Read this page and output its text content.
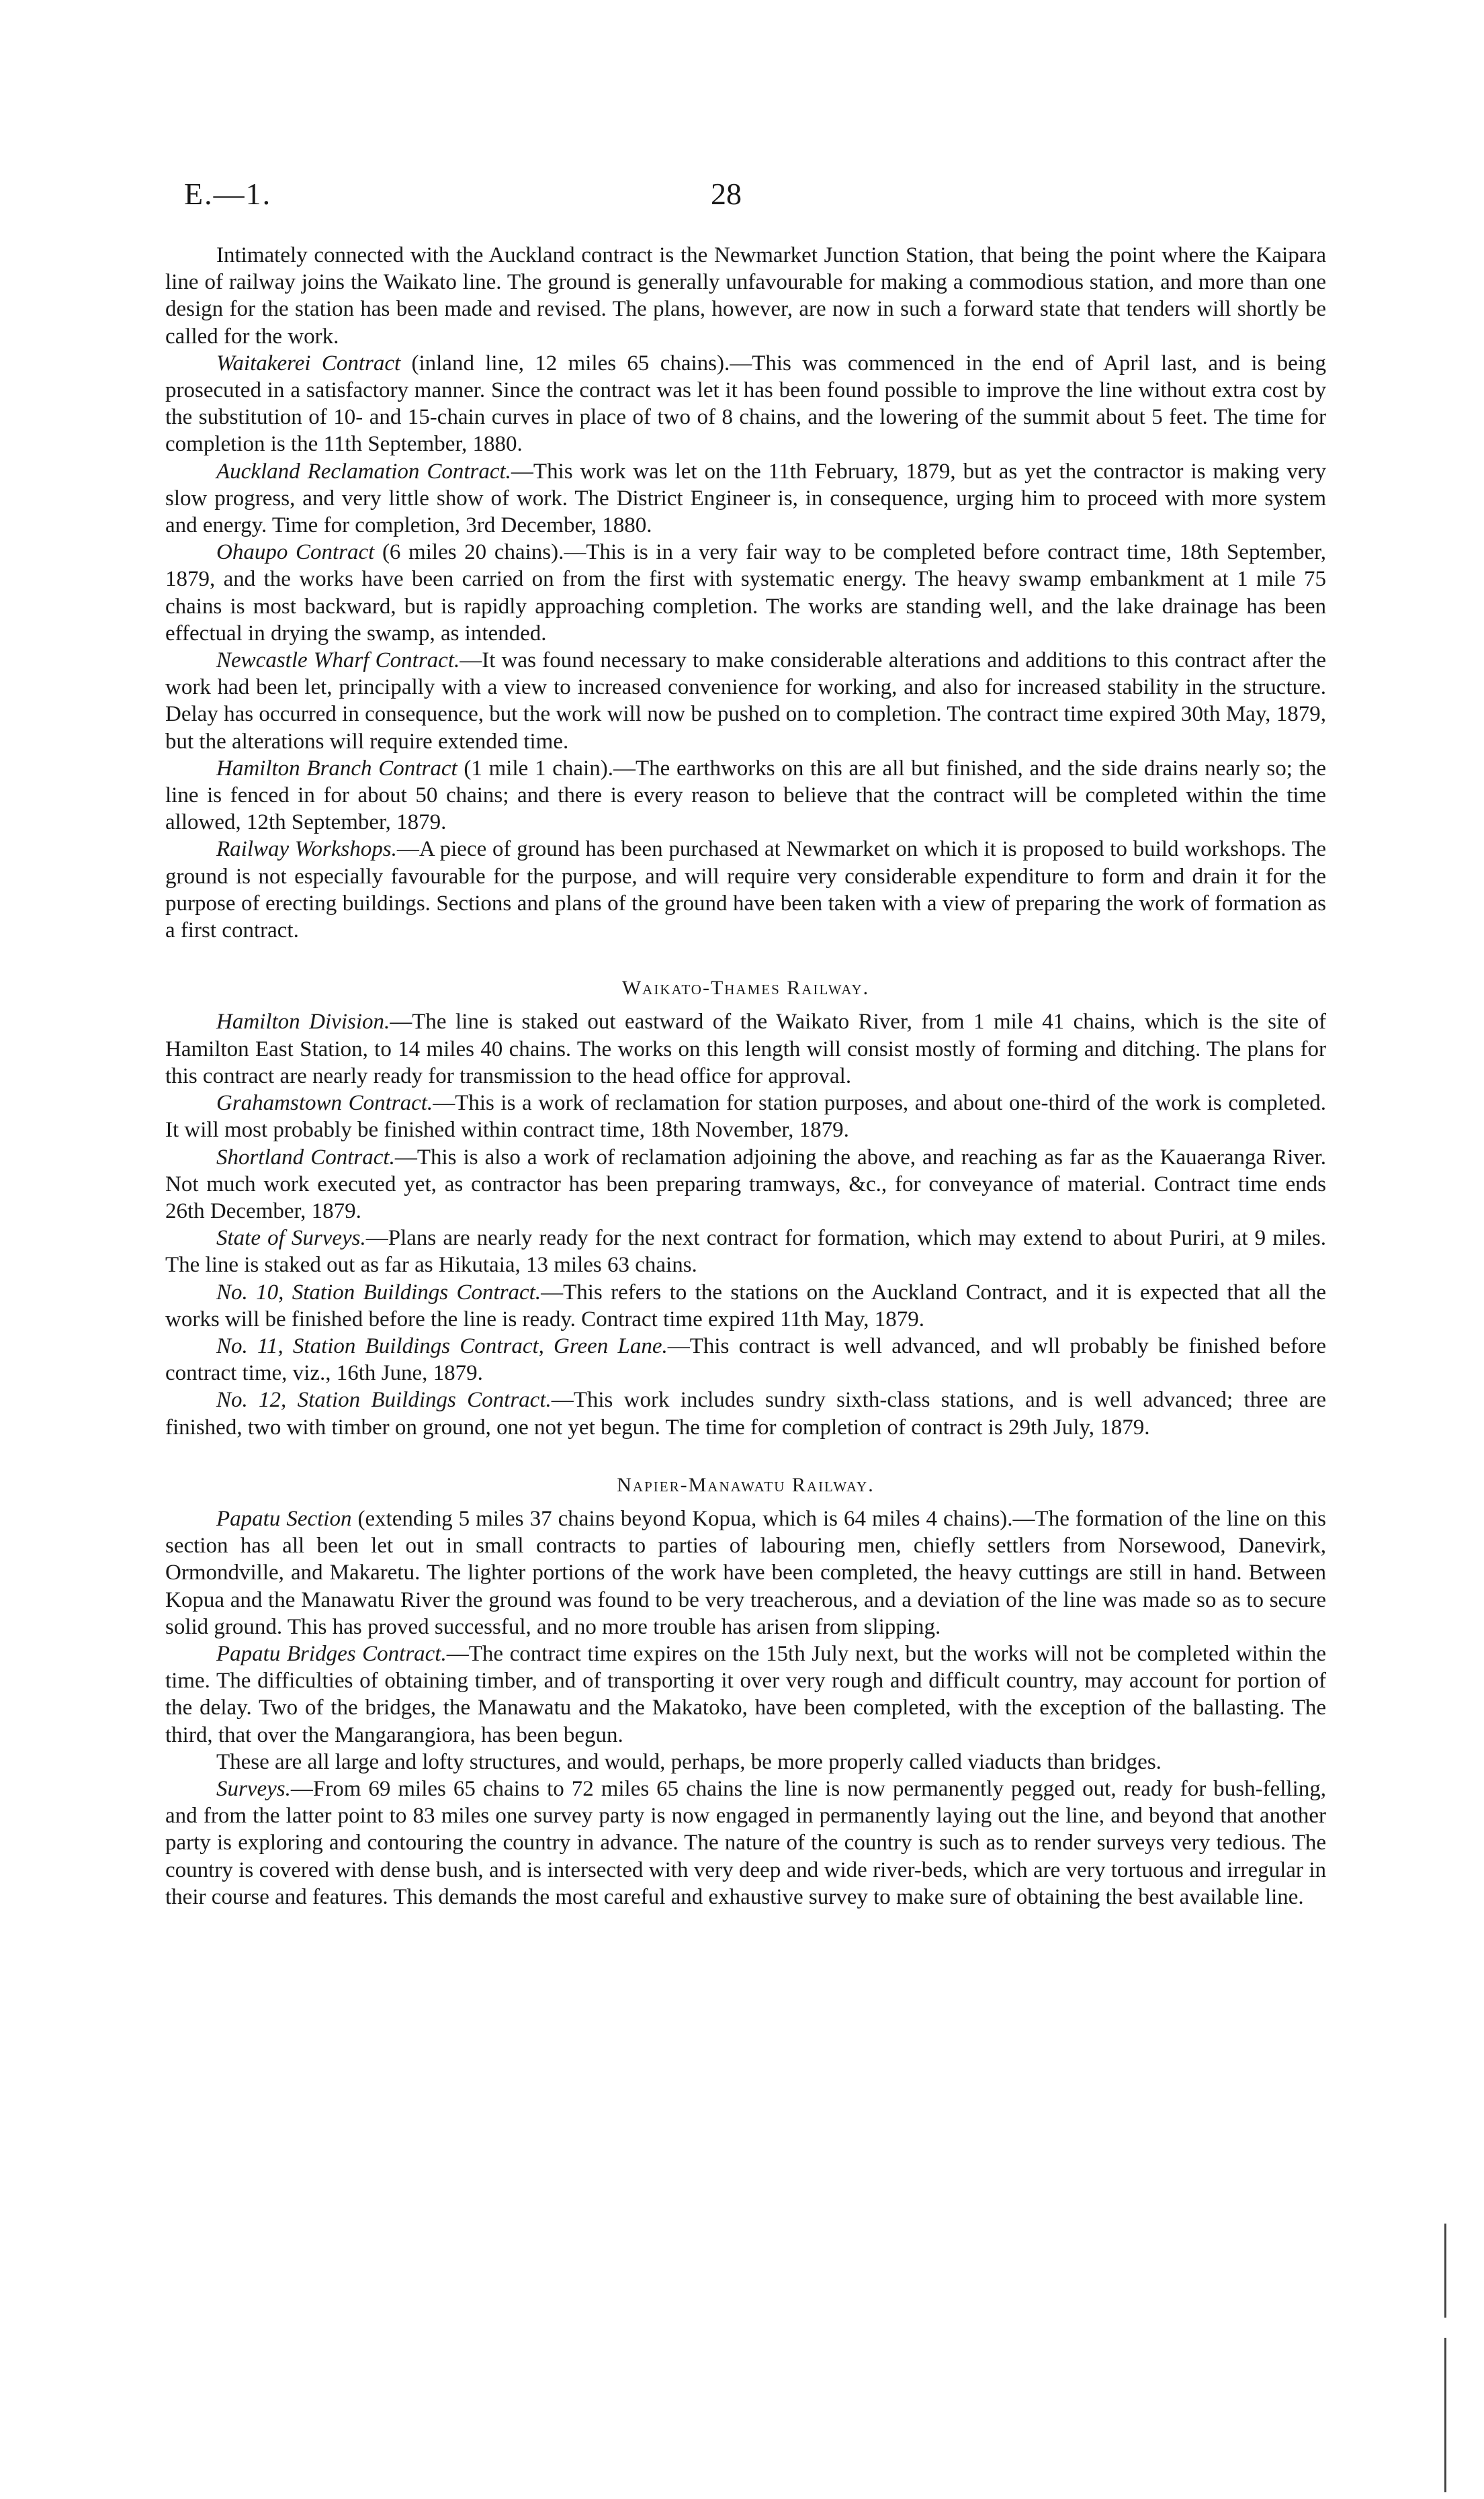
E.—1.	28

Intimately connected with the Auckland contract is the Newmarket Junction Station, that being the point where the Kaipara line of railway joins the Waikato line. The ground is generally unfavourable for making a commodious station, and more than one design for the station has been made and revised. The plans, however, are now in such a forward state that tenders will shortly be called for the work.

Waitakerei Contract (inland line, 12 miles 65 chains).—This was commenced in the end of April last, and is being prosecuted in a satisfactory manner. Since the contract was let it has been found possible to improve the line without extra cost by the substitution of 10- and 15-chain curves in place of two of 8 chains, and the lowering of the summit about 5 feet. The time for completion is the 11th September, 1880.

Auckland Reclamation Contract.—This work was let on the 11th February, 1879, but as yet the contractor is making very slow progress, and very little show of work. The District Engineer is, in consequence, urging him to proceed with more system and energy. Time for completion, 3rd December, 1880.

Ohaupo Contract (6 miles 20 chains).—This is in a very fair way to be completed before contract time, 18th September, 1879, and the works have been carried on from the first with systematic energy. The heavy swamp embankment at 1 mile 75 chains is most backward, but is rapidly approaching completion. The works are standing well, and the lake drainage has been effectual in drying the swamp, as intended.

Newcastle Wharf Contract.—It was found necessary to make considerable alterations and additions to this contract after the work had been let, principally with a view to increased convenience for working, and also for increased stability in the structure. Delay has occurred in consequence, but the work will now be pushed on to completion. The contract time expired 30th May, 1879, but the alterations will require extended time.

Hamilton Branch Contract (1 mile 1 chain).—The earthworks on this are all but finished, and the side drains nearly so; the line is fenced in for about 50 chains; and there is every reason to believe that the contract will be completed within the time allowed, 12th September, 1879.

Railway Workshops.—A piece of ground has been purchased at Newmarket on which it is proposed to build workshops. The ground is not especially favourable for the purpose, and will require very considerable expenditure to form and drain it for the purpose of erecting buildings. Sections and plans of the ground have been taken with a view of preparing the work of formation as a first contract.

Waikato-Thames Railway.

Hamilton Division.—The line is staked out eastward of the Waikato River, from 1 mile 41 chains, which is the site of Hamilton East Station, to 14 miles 40 chains. The works on this length will consist mostly of forming and ditching. The plans for this contract are nearly ready for transmission to the head office for approval.

Grahamstown Contract.—This is a work of reclamation for station purposes, and about one-third of the work is completed. It will most probably be finished within contract time, 18th November, 1879.

Shortland Contract.—This is also a work of reclamation adjoining the above, and reaching as far as the Kauaeranga River. Not much work executed yet, as contractor has been preparing tramways, &c., for conveyance of material. Contract time ends 26th December, 1879.

State of Surveys.—Plans are nearly ready for the next contract for formation, which may extend to about Puriri, at 9 miles. The line is staked out as far as Hikutaia, 13 miles 63 chains.

No. 10, Station Buildings Contract.—This refers to the stations on the Auckland Contract, and it is expected that all the works will be finished before the line is ready. Contract time expired 11th May, 1879.

No. 11, Station Buildings Contract, Green Lane.—This contract is well advanced, and wll probably be finished before contract time, viz., 16th June, 1879.

No. 12, Station Buildings Contract.—This work includes sundry sixth-class stations, and is well advanced; three are finished, two with timber on ground, one not yet begun. The time for completion of contract is 29th July, 1879.

Napier-Manawatu Railway.

Papatu Section (extending 5 miles 37 chains beyond Kopua, which is 64 miles 4 chains).—The formation of the line on this section has all been let out in small contracts to parties of labouring men, chiefly settlers from Norsewood, Danevirk, Ormondville, and Makaretu. The lighter portions of the work have been completed, the heavy cuttings are still in hand. Between Kopua and the Manawatu River the ground was found to be very treacherous, and a deviation of the line was made so as to secure solid ground. This has proved successful, and no more trouble has arisen from slipping.

Papatu Bridges Contract.—The contract time expires on the 15th July next, but the works will not be completed within the time. The difficulties of obtaining timber, and of transporting it over very rough and difficult country, may account for portion of the delay. Two of the bridges, the Manawatu and the Makatoko, have been completed, with the exception of the ballasting. The third, that over the Mangarangiora, has been begun.

These are all large and lofty structures, and would, perhaps, be more properly called viaducts than bridges.

Surveys.—From 69 miles 65 chains to 72 miles 65 chains the line is now permanently pegged out, ready for bush-felling, and from the latter point to 83 miles one survey party is now engaged in permanently laying out the line, and beyond that another party is exploring and contouring the country in advance. The nature of the country is such as to render surveys very tedious. The country is covered with dense bush, and is intersected with very deep and wide river-beds, which are very tortuous and irregular in their course and features. This demands the most careful and exhaustive survey to make sure of obtaining the best available line.
